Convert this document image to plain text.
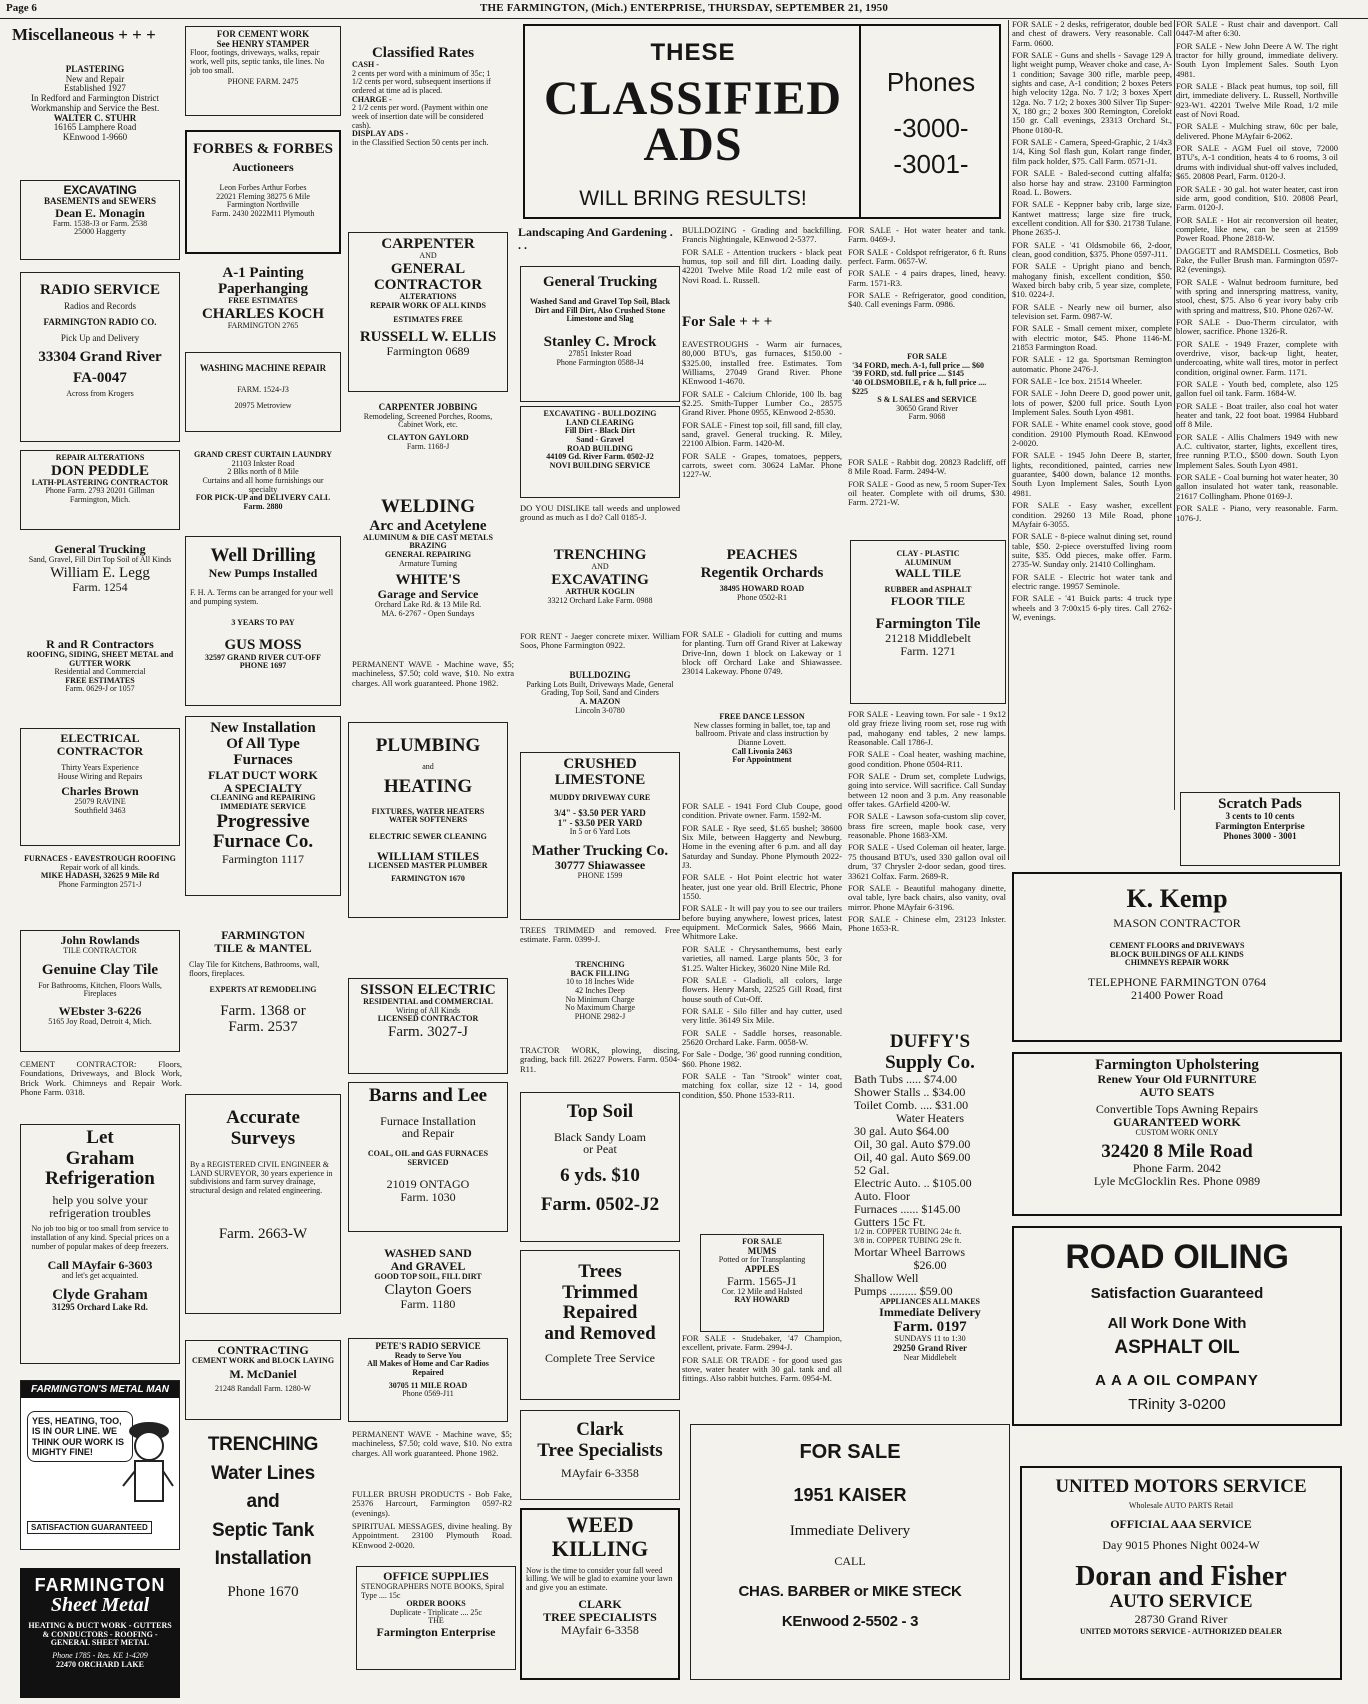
Page 6	THE FARMINGTON, (Mich.) ENTERPRISE, THURSDAY, SEPTEMBER 21, 1950

Miscellaneous + + +

PLASTERING

New and Repair

Established 1927

In Redford and Farmington District

Workmanship and Service the Best.

WALTER C. STUHR

16165 Lamphere Road

KEnwood 1-9660

EXCAVATING

BASEMENTS and SEWERS

Dean E. Monagin

Farm. 1538-J3 or Farm. 2538

25000 Haggerty

RADIO SERVICE

Radios and Records

FARMINGTON RADIO CO.

Pick Up and Delivery

33304 Grand River

FA-0047

Across from Krogers

REPAIR ALTERATIONS

DON PEDDLE

LATH-PLASTERING CONTRACTOR

Phone Farm. 2793 20201 Gillman Farmington, Mich.

General Trucking

Sand, Gravel, Fill Dirt Top Soil of All Kinds

William E. Legg

Farm. 1254

R and R Contractors

ROOFING, SIDING, SHEET METAL and GUTTER WORK

Residential and Commercial

FREE ESTIMATES

Farm. 0629-J or 1057

ELECTRICAL CONTRACTOR

Thirty Years Experience

House Wiring and Repairs

Charles Brown

25079 RAVINE

Southfield 3463

FURNACES - EAVESTROUGH ROOFING

Repair work of all kinds.

MIKE HADASH, 32625 9 Mile Rd

Phone Farmington 2571-J

John Rowlands

TILE CONTRACTOR

Genuine Clay Tile

For Bathrooms, Kitchen, Floors Walls, Fireplaces

WEbster 3-6226

5165 Joy Road, Detroit 4, Mich.

CEMENT CONTRACTOR: Floors, Foundations, Driveways, and Block Work, Brick Work. Chimneys and Repair Work. Phone Farm. 0318.

Let

Graham

Refrigeration

help you solve your refrigeration troubles

No job too big or too small from service to installation of any kind. Special prices on a number of popular makes of deep freezers.

Call MAyfair 6-3603

and let's get acquainted.

Clyde Graham

31295 Orchard Lake Rd.

FARMINGTON'S METAL MAN
YES, HEATING, TOO, IS IN OUR LINE. WE THINK OUR WORK IS MIGHTY FINE!
SATISFACTION GUARANTEED

FARMINGTON

Sheet Metal

HEATING & DUCT WORK - GUTTERS & CONDUCTORS - ROOFING - GENERAL SHEET METAL

Phone 1785 - Res. KE 1-4209

22470 ORCHARD LAKE

FOR CEMENT WORK

See HENRY STAMPER

Floor, footings, driveways, walks, repair work, well pits, septic tanks, tile lines. No job too small.

PHONE FARM. 2475

FORBES & FORBES

Auctioneers

Leon Forbes Arthur Forbes

22021 Fleming 38275 6 Mile

Farmington Northville

Farm. 2430 2022M11 Plymouth

A-1 Painting

Paperhanging

FREE ESTIMATES

CHARLES KOCH

FARMINGTON 2765

WASHING MACHINE REPAIR

FARM. 1524-J3

20975 Metroview

GRAND CREST CURTAIN LAUNDRY

21103 Inkster Road

2 Blks north of 8 Mile

Curtains and all home furnishings our specialty

FOR PICK-UP and DELIVERY CALL Farm. 2880

Well Drilling

New Pumps Installed

F. H. A. Terms can be arranged for your well and pumping system.

3 YEARS TO PAY

GUS MOSS

32597 GRAND RIVER CUT-OFF

PHONE 1697

New Installation

Of All Type

Furnaces

FLAT DUCT WORK

A SPECIALTY

CLEANING and REPAIRING

IMMEDIATE SERVICE

Progressive

Furnace Co.

Farmington 1117

FARMINGTON

TILE & MANTEL

Clay Tile for Kitchens, Bathrooms, wall, floors, fireplaces.

EXPERTS AT REMODELING

Farm. 1368 or

Farm. 2537

Accurate

Surveys

By a REGISTERED CIVIL ENGINEER & LAND SURVEYOR, 30 years experience in subdivisions and farm survey drainage, structural design and related engineering.

Farm. 2663-W

CONTRACTING

CEMENT WORK and BLOCK LAYING

M. McDaniel

21248 Randall Farm. 1280-W

TRENCHING

Water Lines

and

Septic Tank

Installation

Phone 1670

Classified Rates

CASH -

2 cents per word with a minimum of 35c; 1 1/2 cents per word, subsequent insertions if ordered at time ad is placed.

CHARGE -

2 1/2 cents per word. (Payment within one week of insertion date will be considered cash).

DISPLAY ADS -

in the Classified Section 50 cents per inch.

CARPENTER

AND

GENERAL

CONTRACTOR

ALTERATIONS

REPAIR WORK OF ALL KINDS

ESTIMATES FREE

RUSSELL W. ELLIS

Farmington 0689

CARPENTER JOBBING

Remodeling, Screened Porches, Rooms, Cabinet Work, etc.

CLAYTON GAYLORD

Farm. 1168-J

WELDING

Arc and Acetylene

ALUMINUM & DIE CAST METALS

BRAZING

GENERAL REPAIRING

Armature Turning

WHITE'S

Garage and Service

Orchard Lake Rd. & 13 Mile Rd.

MA. 6-2767 - Open Sundays

PERMANENT WAVE - Machine wave, $5; machineless, $7.50; cold wave, $10. No extra charges. All work guaranteed. Phone 1982.

PLUMBING

and

HEATING

FIXTURES, WATER HEATERS

WATER SOFTENERS

ELECTRIC SEWER CLEANING

WILLIAM STILES

LICENSED MASTER PLUMBER

FARMINGTON 1670

SISSON ELECTRIC

RESIDENTIAL and COMMERCIAL

Wiring of All Kinds

LICENSED CONTRACTOR

Farm. 3027-J

Barns and Lee

Furnace Installation

and Repair

COAL, OIL and GAS FURNACES SERVICED

21019 ONTAGO

Farm. 1030

WASHED SAND

And GRAVEL

GOOD TOP SOIL, FILL DIRT

Clayton Goers

Farm. 1180

PETE'S RADIO SERVICE

Ready to Serve You

All Makes of Home and Car Radios Repaired

30705 11 MILE ROAD

Phone 0569-J11

PERMANENT WAVE - Machine wave, $5; machineless, $7.50; cold wave, $10. No extra charges. All work guaranteed. Phone 1982.

FULLER BRUSH PRODUCTS - Bob Fake, 25376 Harcourt, Farmington 0597-R2 (evenings).

SPIRITUAL MESSAGES, divine healing. By Appointment. 23100 Plymouth Road. KEnwood 2-0020.

OFFICE SUPPLIES

STENOGRAPHERS NOTE BOOKS, Spiral Type .... 15c

ORDER BOOKS

Duplicate - Triplicate .... 25c

THE

Farmington Enterprise

THESE

CLASSIFIED ADS

WILL BRING RESULTS!

Phones

-3000-

-3001-

Landscaping And Gardening . . .

General Trucking

Washed Sand and Gravel Top Soil, Black Dirt and Fill Dirt, Also Crushed Stone Limestone and Slag

Stanley C. Mrock

27851 Inkster Road

Phone Farmington 0588-J4

EXCAVATING - BULLDOZING

LAND CLEARING

Fill Dirt - Black Dirt

Sand - Gravel

ROAD BUILDING

44109 Gd. River Farm. 0502-J2

NOVI BUILDING SERVICE

DO YOU DISLIKE tall weeds and unplowed ground as much as I do? Call 0185-J.

TRENCHING

AND

EXCAVATING

ARTHUR KOGLIN

33212 Orchard Lake Farm. 0988

FOR RENT - Jaeger concrete mixer. William Soos, Phone Farmington 0922.

BULLDOZING

Parking Lots Built, Driveways Made, General Grading, Top Soil, Sand and Cinders

A. MAZON

Lincoln 3-0780

CRUSHED

LIMESTONE

MUDDY DRIVEWAY CURE

3/4" - $3.50 PER YARD

1" - $3.50 PER YARD

In 5 or 6 Yard Lots

Mather Trucking Co.

30777 Shiawassee

PHONE 1599

TREES TRIMMED and removed. Free estimate. Farm. 0399-J.

TRENCHING

BACK FILLING

10 to 18 Inches Wide

42 Inches Deep

No Minimum Charge

No Maximum Charge

PHONE 2982-J

TRACTOR WORK, plowing, discing, grading, back fill. 26227 Powers. Farm. 0504-R11.

Top Soil

Black Sandy Loam

or Peat

6 yds. $10

Farm. 0502-J2

Trees

Trimmed

Repaired

and Removed

Complete Tree Service

Clark

Tree Specialists

MAyfair 6-3358

WEED

KILLING

Now is the time to consider your fall weed killing. We will be glad to examine your lawn and give you an estimate.

CLARK

TREE SPECIALISTS

MAyfair 6-3358

BULLDOZING - Grading and backfilling. Francis Nightingale, KEnwood 2-5377.

FOR SALE - Attention truckers - black peat humus, top soil and fill dirt. Loading daily. 42201 Twelve Mile Road 1/2 mile east of Novi Road. L. Russell.

For Sale + + +

EAVESTROUGHS - Warm air furnaces, 80,000 BTU's, gas furnaces, $150.00 - $325.00, installed free. Estimates. Tom Williams, 27049 Grand River. Phone KEnwood 1-4670.

FOR SALE - Calcium Chloride, 100 lb. bag $2.25. Smith-Tupper Lumber Co., 28575 Grand River. Phone 0955, KEnwood 2-8530.

FOR SALE - Finest top soil, fill sand, fill clay, sand, gravel. General trucking. R. Miley, 22100 Albion. Farm. 1420-M.

FOR SALE - Grapes, tomatoes, peppers, carrots, sweet corn. 30624 LaMar. Phone 1227-W.

PEACHES

Regentik Orchards

38495 HOWARD ROAD

Phone 0502-R1

FOR SALE - Gladioli for cutting and mums for planting. Turn off Grand River at Lakeway Drive-Inn, down 1 block on Lakeway or 1 block off Orchard Lake and Shiawassee. 23014 Lakeway. Phone 0749.

FREE DANCE LESSON

New classes forming in ballet, toe, tap and ballroom. Private and class instruction by Dianne Lovett.

Call Livonia 2463

For Appointment

FOR SALE - 1941 Ford Club Coupe, good condition. Private owner. Farm. 1592-M.

FOR SALE - Rye seed, $1.65 bushel; 38600 Six Mile, between Haggerty and Newburg. Home in the evening after 6 p.m. and all day Saturday and Sunday. Phone Plymouth 2022-J3.

FOR SALE - Hot Point electric hot water heater, just one year old. Brill Electric, Phone 1550.

FOR SALE - It will pay you to see our trailers before buying anywhere, lowest prices, latest equipment. McCormick Sales, 9666 Main, Whitmore Lake.

FOR SALE - Chrysanthemums, best early varieties, all named. Large plants 50c, 3 for $1.25. Walter Hickey, 36020 Nine Mile Rd.

FOR SALE - Gladioli, all colors, large flowers. Henry Marsh, 22525 Gill Road, first house south of Cut-Off.

FOR SALE - Silo filler and hay cutter, used very little. 36149 Six Mile.

FOR SALE - Saddle horses, reasonable. 25620 Orchard Lake. Farm. 0058-W.

For Sale - Dodge, '36' good running condition, $60. Phone 1982.

FOR SALE - Tan "Strook" winter coat, matching fox collar, size 12 - 14, good condition, $50. Phone 1533-R11.

FOR SALE

MUMS

Potted or for Transplanting

APPLES

Farm. 1565-J1

Cor. 12 Mile and Halsted

RAY HOWARD

FOR SALE - Studebaker, '47 Champion, excellent, private. Farm. 2994-J.

FOR SALE OR TRADE - for good used gas stove, water heater with 30 gal. tank and all fittings. Also rabbit hutches. Farm. 0954-M.

FOR SALE

1951 KAISER

Immediate Delivery

CALL

CHAS. BARBER or MIKE STECK

KEnwood 2-5502 - 3

FOR SALE - Hot water heater and tank. Farm. 0469-J.

FOR SALE - Coldspot refrigerator, 6 ft. Runs perfect. Farm. 0657-W.

FOR SALE - 4 pairs drapes, lined, heavy. Farm. 1571-R3.

FOR SALE - Refrigerator, good condition, $40. Call evenings Farm. 0986.

FOR SALE

'34 FORD, mech. A-1, full price .... $60

'39 FORD, std. full price .... $145

'40 OLDSMOBILE, r & h, full price .... $225

S & L SALES and SERVICE

30650 Grand River

Farm. 9068

FOR SALE - Rabbit dog. 20823 Radcliff, off 8 Mile Road. Farm. 2494-W.

FOR SALE - Good as new, 5 room Super-Tex oil heater. Complete with oil drums, $30. Farm. 2721-W.

CLAY - PLASTIC

ALUMINUM

WALL TILE

RUBBER and ASPHALT

FLOOR TILE

Farmington Tile

21218 Middlebelt

Farm. 1271

FOR SALE - Leaving town. For sale - 1 9x12 old gray frieze living room set, rose rug with pad, mahogany end tables, 2 new lamps. Reasonable. Call 1786-J.

FOR SALE - Coal heater, washing machine, good condition. Phone 0504-R11.

FOR SALE - Drum set, complete Ludwigs, going into service. Will sacrifice. Call Sunday between 12 noon and 3 p.m. Any reasonable offer takes. GArfield 4200-W.

FOR SALE - Lawson sofa-custom slip cover, brass fire screen, maple book case, very reasonable. Phone 1683-XM.

FOR SALE - Used Coleman oil heater, large. 75 thousand BTU's, used 330 gallon oval oil drum, '37 Chrysler 2-door sedan, good tires. 33621 Colfax. Farm. 2689-R.

FOR SALE - Beautiful mahogany dinette, oval table, lyre back chairs, also vanity, oval mirror. Phone MAyfair 6-3196.

FOR SALE - Chinese elm, 23123 Inkster. Phone 1653-R.

DUFFY'S

Supply Co.

Bath Tubs ..... $74.00

Shower Stalls .. $34.00

Toilet Comb. .... $31.00

Water Heaters

30 gal. Auto $64.00

Oil, 30 gal. Auto $79.00

Oil, 40 gal. Auto $69.00

52 Gal.

Electric Auto. .. $105.00

Auto. Floor

Furnaces ...... $145.00

Gutters 15c Ft.

1/2 in. COPPER TUBING 24c ft.

3/8 in. COPPER TUBING 29c ft.

Mortar Wheel Barrows

$26.00

Shallow Well

Pumps ......... $59.00

APPLIANCES ALL MAKES

Immediate Delivery

Farm. 0197

SUNDAYS 11 to 1:30

29250 Grand River

Near Middlebelt

FOR SALE - 2 desks, refrigerator, double bed and chest of drawers. Very reasonable. Call Farm. 0600.

FOR SALE - Guns and shells - Savage 129 A light weight pump, Weaver choke and case, A-1 condition; Savage 300 rifle, marble peep, sights and case, A-1 condition; 2 boxes Peters high velocity 12ga. No. 7 1/2; 3 boxes Xpert 12ga. No. 7 1/2; 2 boxes 300 Silver Tip Super-X, 180 gr.; 2 boxes 300 Remington, Corelokt 150 gr. Call evenings, 23313 Orchard St., Phone 0180-R.

FOR SALE - Camera, Speed-Graphic, 2 1/4x3 1/4, King Sol flash gun, Kolart range finder, film pack holder, $75. Call Farm. 0571-J1.

FOR SALE - Baled-second cutting alfalfa; also horse hay and straw. 23100 Farmington Road. L. Bowers.

FOR SALE - Keppner baby crib, large size, Kantwet mattress; large size fire truck, excellent condition. All for $30. 21738 Tulane. Phone 2635-J.

FOR SALE - '41 Oldsmobile 66, 2-door, clean, good condition, $375. Phone 0597-J11.

FOR SALE - Upright piano and bench, mahogany finish, excellent condition, $50. Waxed birch baby crib, 5 year size, complete, $10. 0224-J.

FOR SALE - Nearly new oil burner, also television set. Farm. 0987-W.

FOR SALE - Small cement mixer, complete with electric motor, $45. Phone 1146-M. 21853 Farmington Road.

FOR SALE - 12 ga. Sportsman Remington automatic. Phone 2476-J.

FOR SALE - Ice box. 21514 Wheeler.

FOR SALE - John Deere D, good power unit, lots of power, $200 full price. South Lyon Implement Sales. South Lyon 4981.

FOR SALE - White enamel cook stove, good condition. 29100 Plymouth Road. KEnwood 2-0020.

FOR SALE - 1945 John Deere B, starter, lights, reconditioned, painted, carries new guarantee, $400 down, balance 12 months. South Lyon Implement Sales, South Lyon 4981.

FOR SALE - Easy washer, excellent condition. 29260 13 Mile Road, phone MAyfair 6-3055.

FOR SALE - 8-piece walnut dining set, round table, $50. 2-piece overstuffed living room suite, $35. Odd pieces, make offer. Farm. 2735-W. Sunday only. 21410 Collingham.

FOR SALE - Electric hot water tank and electric range. 19957 Seminole.

FOR SALE - '41 Buick parts: 4 truck type wheels and 3 7:00x15 6-ply tires. Call 2762-W, evenings.

FOR SALE - Rust chair and davenport. Call 0447-M after 6:30.

FOR SALE - New John Deere A W. The right tractor for hilly ground, immediate delivery. South Lyon Implement Sales. South Lyon 4981.

FOR SALE - Black peat humus, top soil, fill dirt, immediate delivery. L. Russell, Northville 923-W1. 42201 Twelve Mile Road, 1/2 mile east of Novi Road.

FOR SALE - Mulching straw, 60c per bale, delivered. Phone MAyfair 6-2062.

FOR SALE - AGM Fuel oil stove, 72000 BTU's, A-1 condition, heats 4 to 6 rooms, 3 oil drums with individual shut-off valves included, $65. 20808 Pearl, Farm. 0120-J.

FOR SALE - 30 gal. hot water heater, cast iron side arm, good condition, $10. 20808 Pearl, Farm. 0120-J.

FOR SALE - Hot air reconversion oil heater, complete, like new, can be seen at 21599 Power Road. Phone 2818-W.

DAGGETT and RAMSDELL Cosmetics, Bob Fake, the Fuller Brush man. Farmington 0597-R2 (evenings).

FOR SALE - Walnut bedroom furniture, bed with spring and innerspring mattress, vanity, stool, chest, $75. Also 6 year ivory baby crib with spring and mattress, $10. Phone 0267-W.

FOR SALE - Duo-Therm circulator, with blower, sacrifice. Phone 1326-R.

FOR SALE - 1949 Frazer, complete with overdrive, visor, back-up light, heater, undercoating, white wall tires, motor in perfect condition, original owner. Farm. 1171.

FOR SALE - Youth bed, complete, also 125 gallon fuel oil tank. Farm. 1684-W.

FOR SALE - Boat trailer, also coal hot water heater and tank, 22 foot boat. 19984 Hubbard off 8 Mile.

FOR SALE - Allis Chalmers 1949 with new A.C. cultivator, starter, lights, excellent tires, free running P.T.O., $500 down. South Lyon Implement Sales. South Lyon 4981.

FOR SALE - Coal burning hot water heater, 30 gallon insulated hot water tank, reasonable. 21617 Collingham. Phone 0169-J.

FOR SALE - Piano, very reasonable. Farm. 1076-J.

Scratch Pads

3 cents to 10 cents

Farmington Enterprise

Phones 3000 - 3001

K. Kemp

MASON CONTRACTOR

CEMENT FLOORS and DRIVEWAYS

BLOCK BUILDINGS OF ALL KINDS

CHIMNEYS REPAIR WORK

TELEPHONE FARMINGTON 0764

21400 Power Road

Farmington Upholstering

Renew Your Old FURNITURE

AUTO SEATS

Convertible Tops Awning Repairs

GUARANTEED WORK

CUSTOM WORK ONLY

32420 8 Mile Road

Phone Farm. 2042

Lyle McGlocklin Res. Phone 0989

ROAD OILING

Satisfaction Guaranteed

All Work Done With

ASPHALT OIL

A A A OIL COMPANY

TRinity 3-0200

UNITED MOTORS SERVICE

Wholesale AUTO PARTS Retail

OFFICIAL AAA SERVICE

Day 9015 Phones Night 0024-W

Doran and Fisher

AUTO SERVICE

28730 Grand River

UNITED MOTORS SERVICE - AUTHORIZED DEALER
